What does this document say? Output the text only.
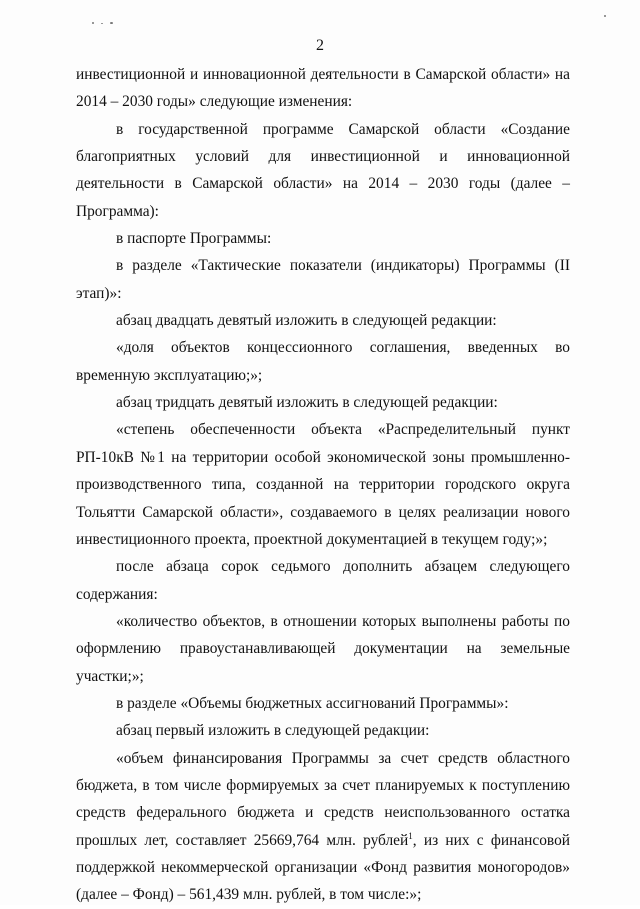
2

инвестиционной и инновационной деятельности в Самарской области» на 2014 – 2030 годы» следующие изменения:

в государственной программе Самарской области «Создание благоприятных условий для инвестиционной и инновационной деятельности в Самарской области» на 2014 – 2030 годы (далее – Программа):

в паспорте Программы:

в разделе «Тактические показатели (индикаторы) Программы (II этап)»:

абзац двадцать девятый изложить в следующей редакции:

«доля объектов концессионного соглашения, введенных во временную эксплуатацию;»;

абзац тридцать девятый изложить в следующей редакции:

«степень обеспеченности объекта «Распределительный пункт РП-10кВ №1 на территории особой экономической зоны промышленно-производственного типа, созданной на территории городского округа Тольятти Самарской области», создаваемого в целях реализации нового инвестиционного проекта, проектной документацией в текущем году;»;

после абзаца сорок седьмого дополнить абзацем следующего содержания:

«количество объектов, в отношении которых выполнены работы по оформлению правоустанавливающей документации на земельные участки;»;

в разделе «Объемы бюджетных ассигнований Программы»:

абзац первый изложить в следующей редакции:

«объем финансирования Программы за счет средств областного бюджета, в том числе формируемых за счет планируемых к поступлению средств федерального бюджета и средств неиспользованного остатка прошлых лет, составляет 25669,764 млн. рублей$^1$, из них с финансовой поддержкой некоммерческой организации «Фонд развития моногородов» (далее – Фонд) – 561,439 млн. рублей, в том числе:»;
